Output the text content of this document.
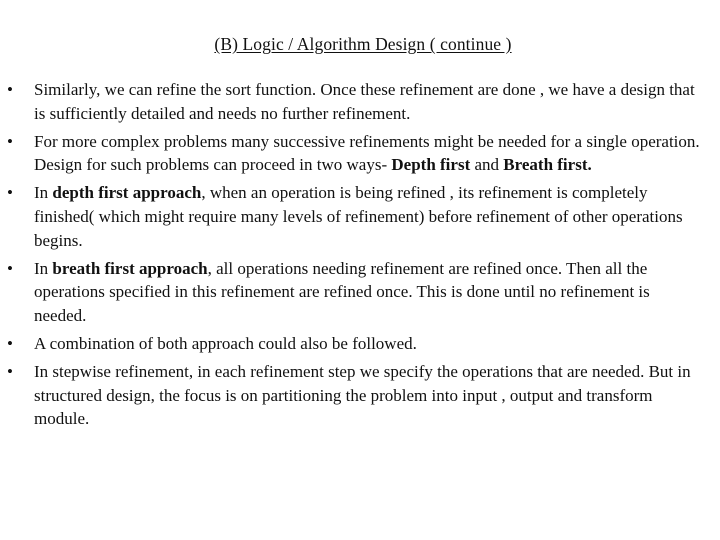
(B) Logic / Algorithm Design ( continue )
• Similarly, we can refine the sort function. Once these refinement are done , we have a design that is sufficiently detailed and needs no further refinement.
• For more complex problems many successive refinements might be needed for a single operation. Design for such problems can proceed in two ways- Depth first and Breath first.
• In depth first approach, when an operation is being refined , its refinement is completely finished( which might require many levels of refinement) before refinement of other operations begins.
• In breath first approach, all operations needing refinement are refined once. Then all the operations specified in this refinement are refined once. This is done until no refinement is needed.
• A combination of both approach could also be followed.
• In stepwise refinement, in each refinement step we specify the operations that are needed. But in structured design, the focus is on partitioning the problem into input , output and transform module.
